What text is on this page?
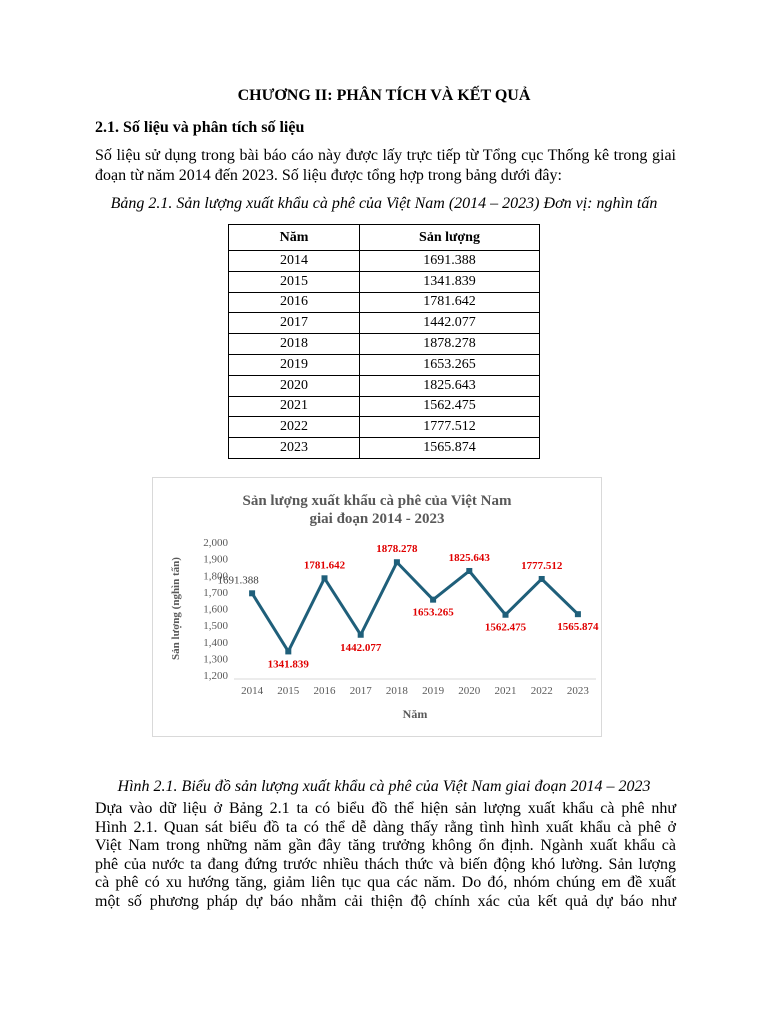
CHƯƠNG II: PHÂN TÍCH VÀ KẾT QUẢ
2.1. Số liệu và phân tích số liệu
Số liệu sử dụng trong bài báo cáo này được lấy trực tiếp từ Tổng cục Thống kê trong giai đoạn từ năm 2014 đến 2023. Số liệu được tổng hợp trong bảng dưới đây:
Bảng 2.1. Sản lượng xuất khẩu cà phê của Việt Nam (2014 – 2023) Đơn vị: nghìn tấn
Năm	Sản lượng
2014	1691.388
2015	1341.839
2016	1781.642
2017	1442.077
2018	1878.278
2019	1653.265
2020	1825.643
2021	1562.475
2022	1777.512
2023	1565.874
Sản lượng xuất khẩu cà phê của Việt Nam
giai đoạn 2014 - 2023
1,200
1,300
1,400
1,500
1,600
1,700
1,800
1,900
2,000
Sản lượng (nghìn tấn)
2014 2015 2016 2017 2018 2019 2020 2021 2022 2023
Năm
1691.388
1341.839
1781.642
1442.077
1878.278
1653.265
1825.643
1562.475
1777.512
1565.874
Hình 2.1. Biểu đồ sản lượng xuất khẩu cà phê của Việt Nam giai đoạn 2014 – 2023
Dựa vào dữ liệu ở Bảng 2.1 ta có biểu đồ thể hiện sản lượng xuất khẩu cà phê như
Hình 2.1. Quan sát biểu đồ ta có thể dễ dàng thấy rằng tình hình xuất khẩu cà phê ở
Việt Nam trong những năm gần đây tăng trưởng không ổn định. Ngành xuất khẩu cà
phê của nước ta đang đứng trước nhiều thách thức và biến động khó lường. Sản lượng
cà phê có xu hướng tăng, giảm liên tục qua các năm. Do đó, nhóm chúng em đề xuất
một số phương pháp dự báo nhằm cải thiện độ chính xác của kết quả dự báo như
